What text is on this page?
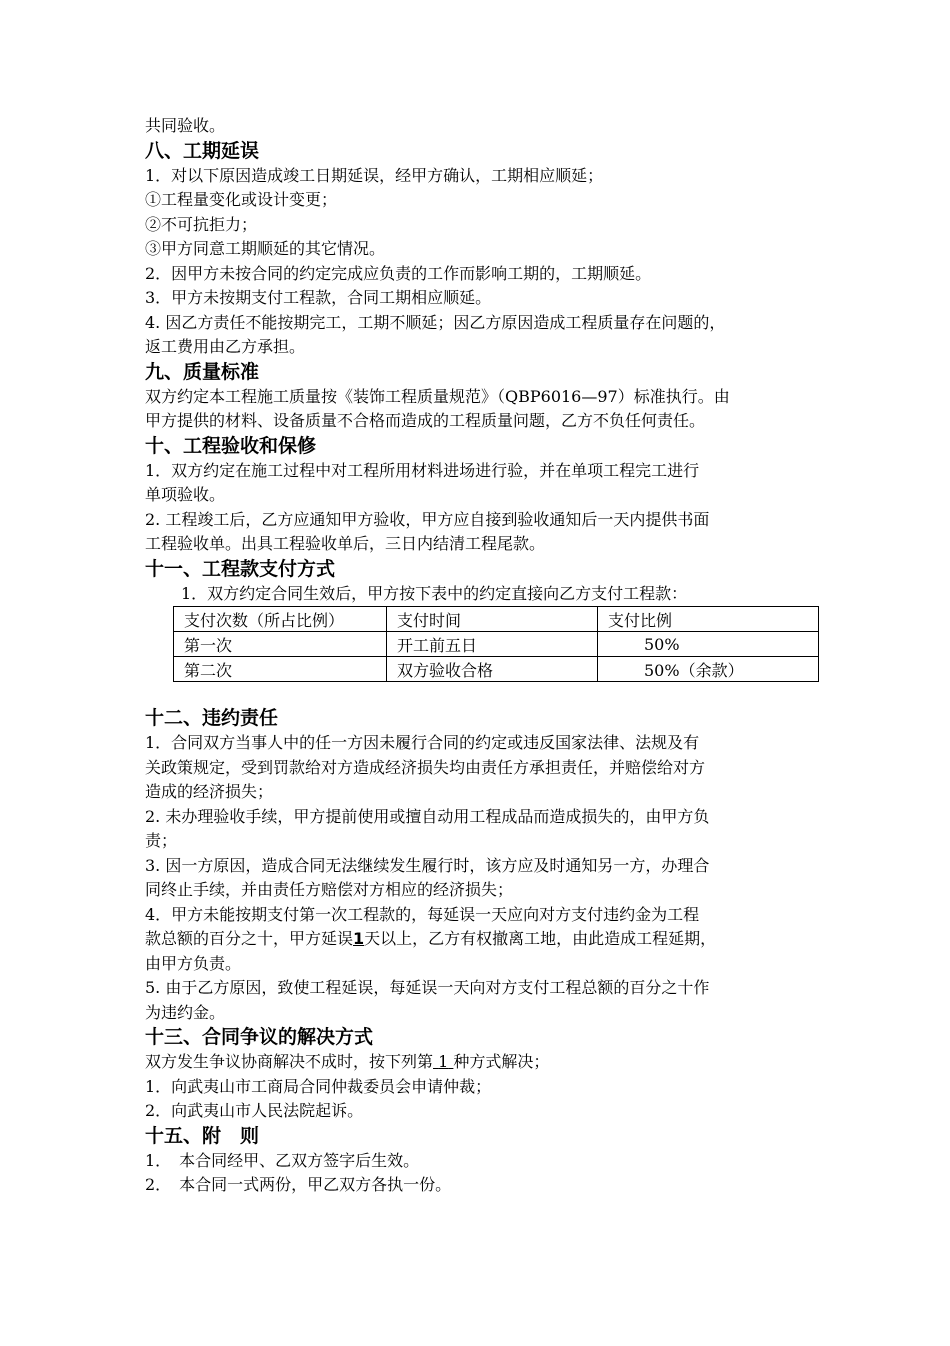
共同验收。

八、工期延误

1．对以下原因造成竣工日期延误，经甲方确认，工期相应顺延；

①工程量变化或设计变更；

②不可抗拒力；

③甲方同意工期顺延的其它情况。

2．因甲方未按合同的约定完成应负责的工作而影响工期的，工期顺延。

3．甲方未按期支付工程款，合同工期相应顺延。

4. 因乙方责任不能按期完工，工期不顺延；因乙方原因造成工程质量存在问题的，

返工费用由乙方承担。

九、质量标准

双方约定本工程施工质量按《装饰工程质量规范》（QBP6016—97）标准执行。由

甲方提供的材料、设备质量不合格而造成的工程质量问题，乙方不负任何责任。

十、工程验收和保修

1．双方约定在施工过程中对工程所用材料进场进行验，并在单项工程完工进行

单项验收。

2. 工程竣工后，乙方应通知甲方验收，甲方应自接到验收通知后一天内提供书面

工程验收单。出具工程验收单后，三日内结清工程尾款。

十一、工程款支付方式

1．双方约定合同生效后，甲方按下表中的约定直接向乙方支付工程款：

支付次数（所占比例）	支付时间	支付比例
第一次	开工前五日	50%
第二次	双方验收合格	50%（余款）
十二、违约责任

1．合同双方当事人中的任一方因未履行合同的约定或违反国家法律、法规及有

关政策规定，受到罚款给对方造成经济损失均由责任方承担责任，并赔偿给对方

造成的经济损失；

2. 未办理验收手续，甲方提前使用或擅自动用工程成品而造成损失的，由甲方负

责；

3. 因一方原因，造成合同无法继续发生履行时，该方应及时通知另一方，办理合

同终止手续，并由责任方赔偿对方相应的经济损失；

4．甲方未能按期支付第一次工程款的，每延误一天应向对方支付违约金为工程

款总额的百分之十，甲方延误1天以上，乙方有权撤离工地，由此造成工程延期，

由甲方负责。

5. 由于乙方原因，致使工程延误，每延误一天向对方支付工程总额的百分之十作

为违约金。

十三、合同争议的解决方式

双方发生争议协商解决不成时，按下列第 1 种方式解决；

1．向武夷山市工商局合同仲裁委员会申请仲裁；

2．向武夷山市人民法院起诉。

十五、附　则

1．　本合同经甲、乙双方签字后生效。

2．　本合同一式两份，甲乙双方各执一份。
